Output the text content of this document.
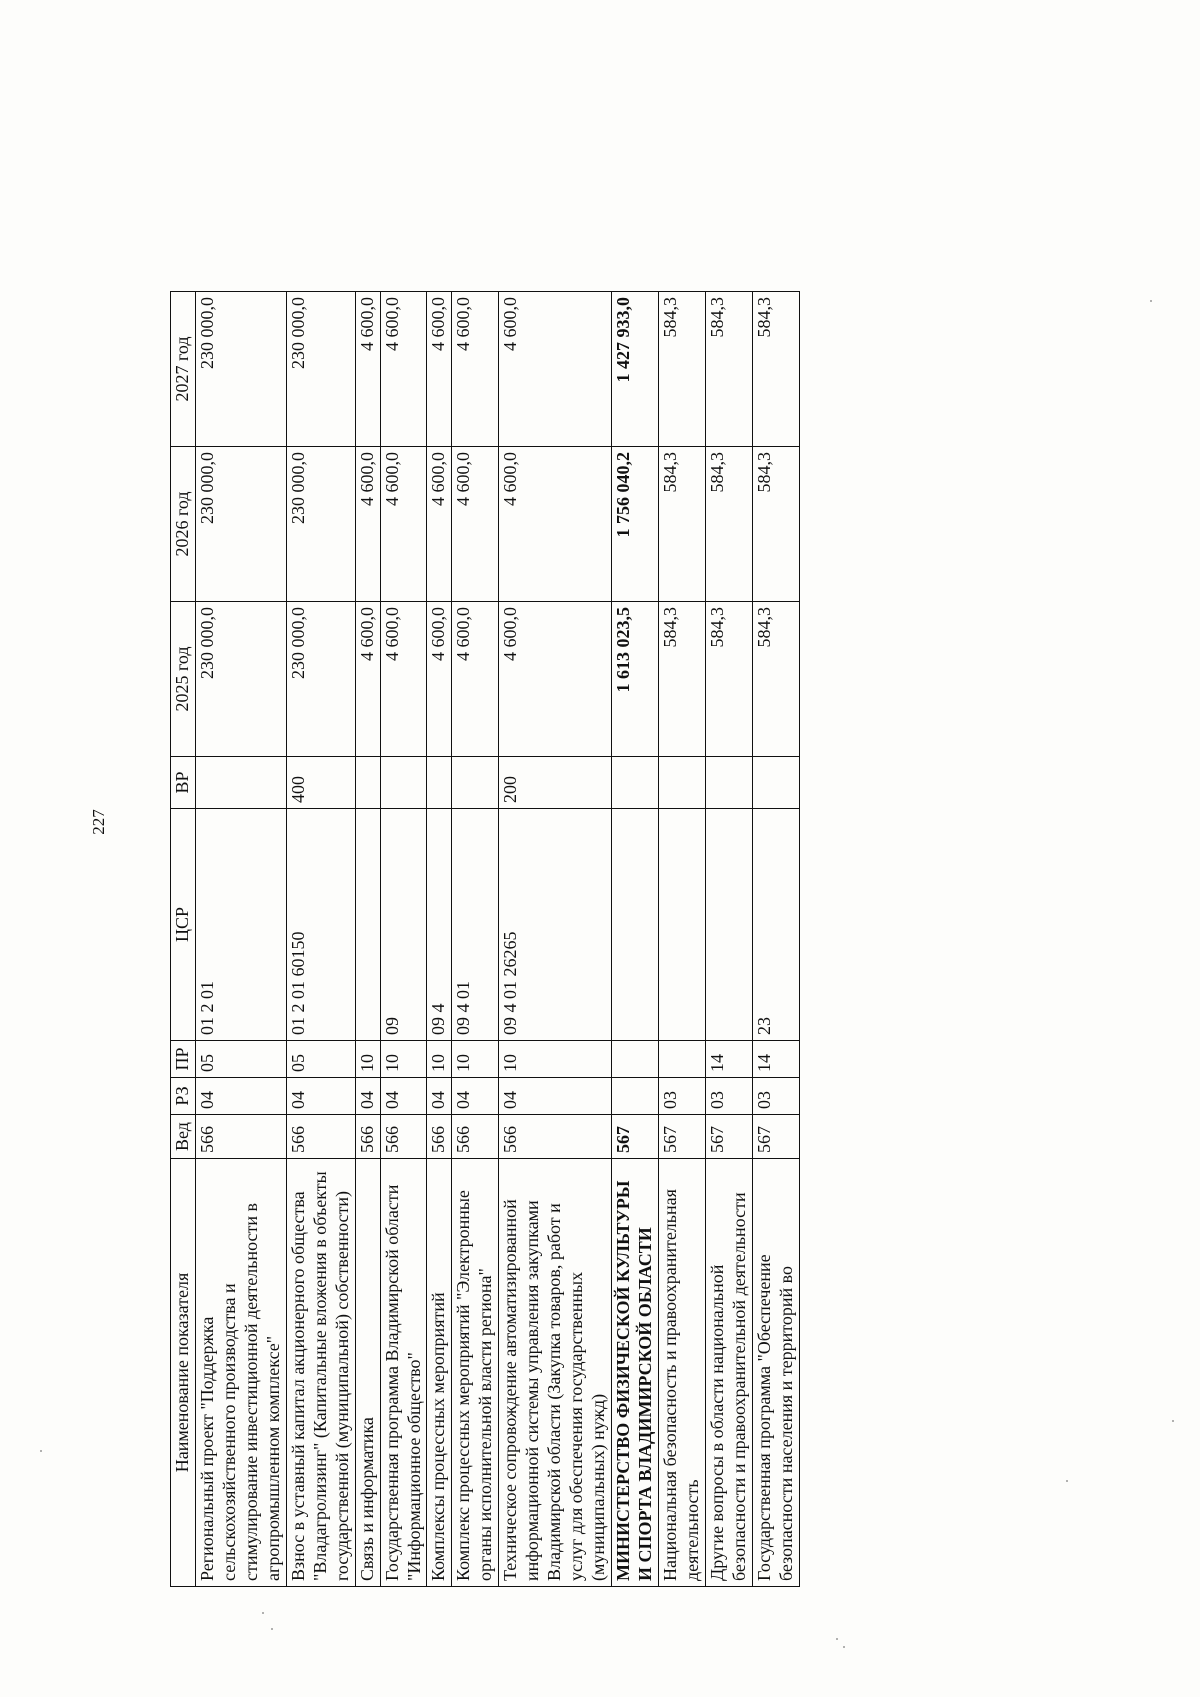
227
Наименование показателя	Вед	РЗ	ПР	ЦСР	ВР	2025 год	2026 год	2027 год
Региональный проект "Поддержка сельскохозяйственного производства и стимулирование инвестиционной деятельности в агропромышленном комплексе"	566	04	05	01 2 01		230 000,0	230 000,0	230 000,0
Взнос в уставный капитал акционерного общества "Владагролизинг" (Капитальные вложения в объекты государственной (муниципальной) собственности)	566	04	05	01 2 01 60150	400	230 000,0	230 000,0	230 000,0
Связь и информатика	566	04	10			4 600,0	4 600,0	4 600,0
Государственная программа Владимирской области "Информационное общество"	566	04	10	09		4 600,0	4 600,0	4 600,0
Комплексы процессных мероприятий	566	04	10	09 4		4 600,0	4 600,0	4 600,0
Комплекс процессных мероприятий "Электронные органы исполнительной власти региона"	566	04	10	09 4 01		4 600,0	4 600,0	4 600,0
Техническое сопровождение автоматизированной информационной системы управления закупками Владимирской области (Закупка товаров, работ и услуг для обеспечения государственных (муниципальных) нужд)	566	04	10	09 4 01 26265	200	4 600,0	4 600,0	4 600,0
МИНИСТЕРСТВО ФИЗИЧЕСКОЙ КУЛЬТУРЫ И СПОРТА ВЛАДИМИРСКОЙ ОБЛАСТИ	567					1 613 023,5	1 756 040,2	1 427 933,0
Национальная безопасность и правоохранительная деятельность	567	03				584,3	584,3	584,3
Другие вопросы в области национальной безопасности и правоохранительной деятельности	567	03	14			584,3	584,3	584,3
Государственная программа "Обеспечение безопасности населения и территорий во	567	03	14	23		584,3	584,3	584,3
